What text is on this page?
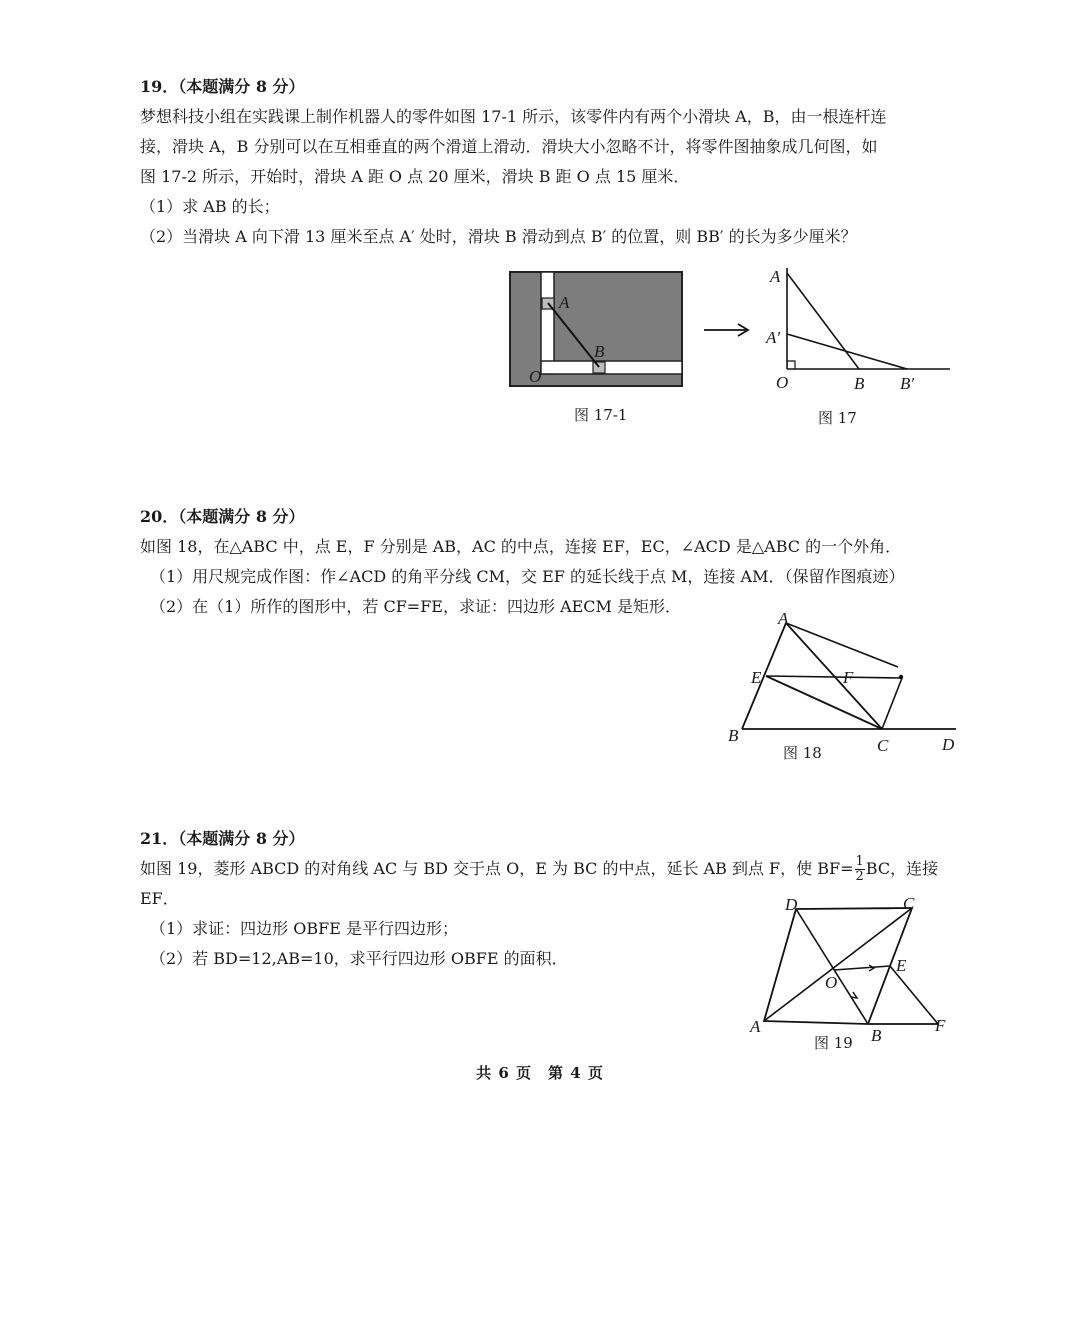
19．（本题满分 8 分）
梦想科技小组在实践课上制作机器人的零件如图 17-1 所示，该零件内有两个小滑块 A，B，由一根连杆连
接，滑块 A，B 分别可以在互相垂直的两个滑道上滑动．滑块大小忽略不计，将零件图抽象成几何图，如
图 17-2 所示，开始时，滑块 A 距 O 点 20 厘米，滑块 B 距 O 点 15 厘米．
（1）求 AB 的长；
（2）当滑块 A 向下滑 13 厘米至点 A′ 处时，滑块 B 滑动到点 B′ 的位置，则 BB′ 的长为多少厘米？
A
B
O
图 17-1
A
A′
O	B B′
图 17
20．（本题满分 8 分）
如图 18，在△ABC 中，点 E，F 分别是 AB，AC 的中点，连接 EF，EC，∠ACD 是△ABC 的一个外角．
（1）用尺规完成作图：作∠ACD 的角平分线 CM，交 EF 的延长线于点 M，连接 AM．（保留作图痕迹）
（2）在（1）所作的图形中，若 CF=FE，求证：四边形 AECM 是矩形．
A
E	F
B
C	D
图 18
21．（本题满分 8 分）
如图 19，菱形 ABCD 的对角线 AC 与 BD 交于点 O，E 为 BC 的中点，延长 AB 到点 F，使 $BF= \frac{1}{2}$ BC，连接
EF．
（1）求证：四边形 OBFE 是平行四边形；
（2）若 BD=12,AB=10，求平行四边形 OBFE 的面积．
D	C
E
O
A	B
F
图 19
共 6 页　第 4 页
